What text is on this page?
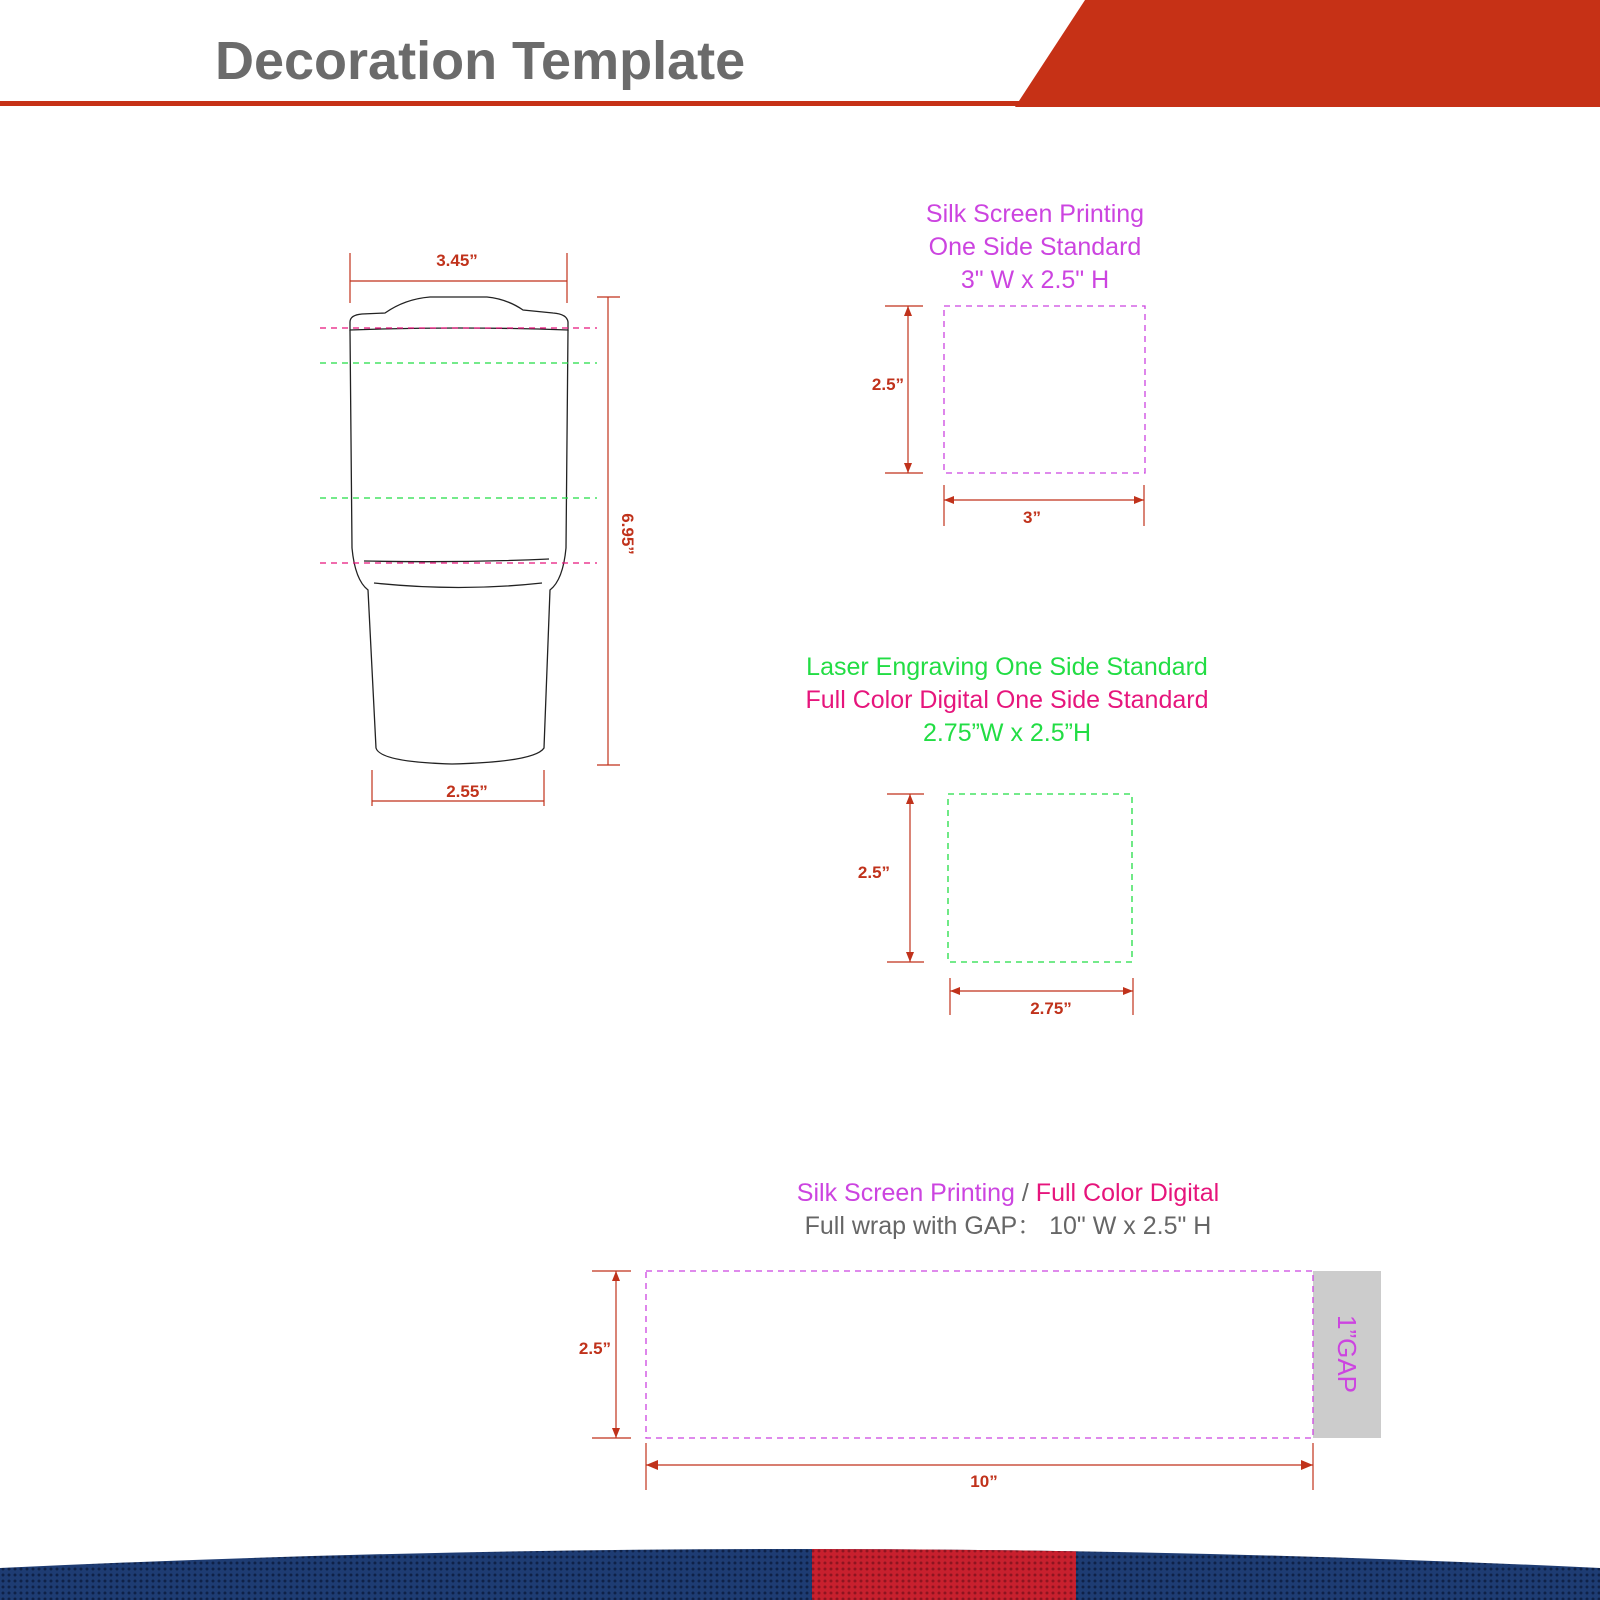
Decoration Template
3.45”
2.55”
6.95”
2.5”
3”
2.5”
2.75”
1”GAP
2.5”
10”
Silk Screen Printing
One Side Standard
3" W x 2.5" H
Laser Engraving One Side Standard
Full Color Digital One Side Standard
2.75”W x 2.5”H
Silk Screen Printing / Full Color Digital
Full wrap with GAP： 10" W x 2.5" H
